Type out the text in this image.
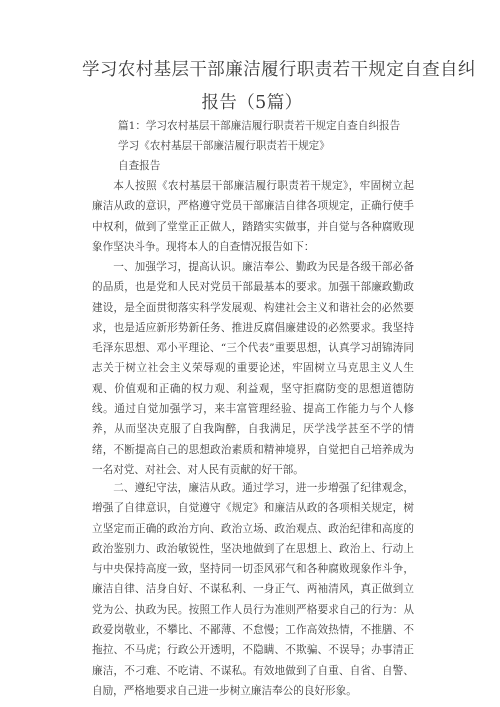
学习农村基层干部廉洁履行职责若干规定自查自纠
报告（5篇）
篇1：学习农村基层干部廉洁履行职责若干规定自查自纠报告
学习《农村基层干部廉洁履行职责若干规定》
自查报告

本人按照《农村基层干部廉洁履行职责若干规定》，牢固树立起廉洁从政的意识，严格遵守党员干部廉洁自律各项规定，正确行使手中权利，做到了堂堂正正做人，踏踏实实做事，并自觉与各种腐败现象作坚决斗争。现将本人的自查情况报告如下：

一、加强学习，提高认识。廉洁奉公、勤政为民是各级干部必备的品质，也是党和人民对党员干部最基本的要求。加强干部廉政勤政建设，是全面贯彻落实科学发展观、构建社会主义和谐社会的必然要求，也是适应新形势新任务、推进反腐倡廉建设的必然要求。我坚持毛泽东思想、邓小平理论、“三个代表”重要思想，认真学习胡锦涛同志关于树立社会主义荣辱观的重要论述，牢固树立马克思主义人生观、价值观和正确的权力观、利益观，坚守拒腐防变的思想道德防线。通过自觉加强学习，来丰富管理经验、提高工作能力与个人修养，从而坚决克服了自我陶醉，自我满足，厌学浅学甚至不学的情绪，不断提高自己的思想政治素质和精神境界，自觉把自己培养成为一名对党、对社会、对人民有贡献的好干部。

二、遵纪守法，廉洁从政。通过学习，进一步增强了纪律观念，增强了自律意识，自觉遵守《规定》和廉洁从政的各项相关规定，树立坚定而正确的政治方向、政治立场、政治观点、政治纪律和高度的政治鉴别力、政治敏锐性，坚决地做到了在思想上、政治上、行动上与中央保持高度一致，坚持同一切歪风邪气和各种腐败现象作斗争，廉洁自律、洁身自好、不谋私利、一身正气、两袖清风，真正做到立党为公、执政为民。按照工作人员行为准则严格要求自己的行为：从政爱岗敬业，不攀比、不鄙薄、不怠慢；工作高效热情，不推膳、不拖拉、不马虎；行政公开透明，不隐瞒、不欺骗、不误导；办事清正廉洁，不刁难、不吃请、不谋私。有效地做到了自重、自省、自警、自励，严格地要求自己进一步树立廉洁奉公的良好形象。
